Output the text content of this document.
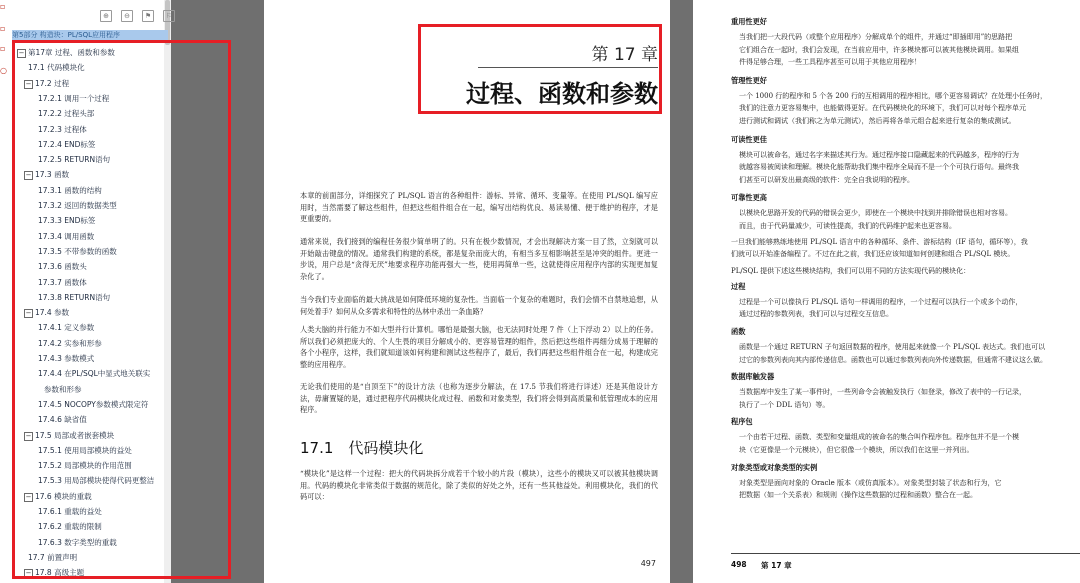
▫
▫
▫
○
⊕	⊖	⚑	⚐
第5部分 构造块：PL/SQL应用程序
− 第17章 过程、函数和参数
17.1 代码模块化
− 17.2 过程
17.2.1 调用一个过程
17.2.2 过程头部
17.2.3 过程体
17.2.4 END标签
17.2.5 RETURN语句
− 17.3 函数
17.3.1 函数的结构
17.3.2 返回的数据类型
17.3.3 END标签
17.3.4 调用函数
17.3.5 不带参数的函数
17.3.6 函数头
17.3.7 函数体
17.3.8 RETURN语句
− 17.4 参数
17.4.1 定义参数
17.4.2 实参和形参
17.4.3 参数模式
17.4.4 在PL/SQL中显式地关联实
参数和形参
17.4.5 NOCOPY参数模式限定符
17.4.6 缺省值
− 17.5 局部或者嵌套模块
17.5.1 使用局部模块的益处
17.5.2 局部模块的作用范围
17.5.3 用局部模块使得代码更整洁
− 17.6 模块的重载
17.6.1 重载的益处
17.6.2 重载的限制
17.6.3 数字类型的重载
17.7 前置声明
− 17.8 高级主题
第 17 章
过程、函数和参数
本章的前面部分，详细探究了 PL/SQL 语言的各种组件：游标、异常、循环、变量等。在使用 PL/SQL 编写应用时，当然需要了解这些组件，但把这些组件组合在一起，编写出结构优良、易读易懂、便于维护的程序，才是更重要的。
通常来说，我们接到的编程任务很少简单明了的。只有在极少数情况，才会出现解决方案一目了然，立刻就可以开始敲击键盘的情况。通常我们构建的系统，都是复杂而庞大的，有相当多互相影响甚至是冲突的组件。更进一步说，用户总是“贪得无厌”地要求程序功能再强大一些，使用再简单一些，这就使得应用程序内部的实现更加复杂化了。
当今我们专业面临的最大挑战是如何降低环境的复杂性。当面临一个复杂的难题时，我们会情不自禁地追想，从何处着手？如何从众多需求和特性的丛林中杀出一条血路？
人类大脑的并行能力不如大型并行计算机。哪怕是最强大脑，也无法同时处理 7 件（上下浮动 2）以上的任务。所以我们必须把庞大的、个人生畏的项目分解成小的、更容易管理的组件，然后把这些组件再细分成易于理解的各个小程序，这样，我们就知道该如何构建和测试这些程序了，最后，我们再把这些组件组合在一起，构建成完整的应用程序。
无论我们使用的是“自顶至下”的设计方法（也称为逐步分解法，在 17.5 节我们将进行详述）还是其他设计方法，毋庸置疑的是，通过把程序代码模块化成过程、函数和对象类型，我们将会得到高质量和低管理成本的应用程序。
17.1　代码模块化
“模块化”是这样一个过程：把大的代码块拆分成若干个较小的片段（模块），这些小的模块又可以被其他模块调用。代码的模块化非常类似于数据的规范化，除了类似的好处之外，还有一些其他益处。利用模块化，我们的代码可以：
497
重用性更好
当我们把一大段代码（或整个应用程序）分解成单个的组件，并通过“即插即用”的思路把
它们组合在一起时，我们会发现，在当前应用中，许多模块都可以被其他模块调用。如果组
件得足够合理，一些工具程序甚至可以用于其他应用程序！
管理性更好
一个 1000 行的程序和 5 个各 200 行的互相调用的程序相比，哪个更容易调试？在处理小任务时，
我们的注意力更容易集中，也能做得更好。在代码模块化的环境下，我们可以对每个程序单元
进行测试和调试（我们称之为单元测试），然后再将各单元组合起来进行复杂的集成测试。
可读性更佳
模块可以被命名，通过名字来描述其行为。通过程序接口隐藏起来的代码越多，程序的行为
就越容易被阅读和理解。模块化能帮助我们集中程序全局而不是一个个可执行语句。最终我
们甚至可以研发出最高级的软件：完全自我说明的程序。
可靠性更高
以模块化思路开发的代码的错误会更少，即使在一个模块中找到并排除错误也相对容易。
而且，由于代码量减少，可读性提高，我们的代码维护起来也更容易。
一旦我们能够熟练地使用 PL/SQL 语言中的各种循环、条件、游标结构（IF 语句，循环等），我
们就可以开始准备编程了。不过在此之前，我们还应该知道如何创建和组合 PL/SQL 模块。
PL/SQL 提供下述这些模块结构，我们可以用不同的方法实现代码的模块化：
过程
过程是一个可以像执行 PL/SQL 语句一样调用的程序，一个过程可以执行一个或多个动作，
通过过程的参数列表，我们可以与过程交互信息。
函数
函数是一个通过 RETURN 子句返回数据的程序，使用起来就像一个 PL/SQL 表达式。我们也可以
过它的参数列表向其内部传递信息。函数也可以通过参数列表向外传递数据，但通常不建议这么做。
数据库触发器
当数据库中发生了某一事件时，一些列命令会被触发执行（如登录，修改了表中的一行记录，
执行了一个 DDL 语句）等。
程序包
一个由若干过程、函数、类型和变量组成的被命名的集合叫作程序包。程序包并不是一个模
块（它更像是一个元模块），但它很像一个模块，所以我们在这里一并列出。
对象类型或对象类型的实例
对象类型是面向对象的 Oracle 版本（或仿真版本）。对象类型封装了状态和行为，它
把数据（如一个关系表）和规则（操作这些数据的过程和函数）整合在一起。
498 第 17 章
